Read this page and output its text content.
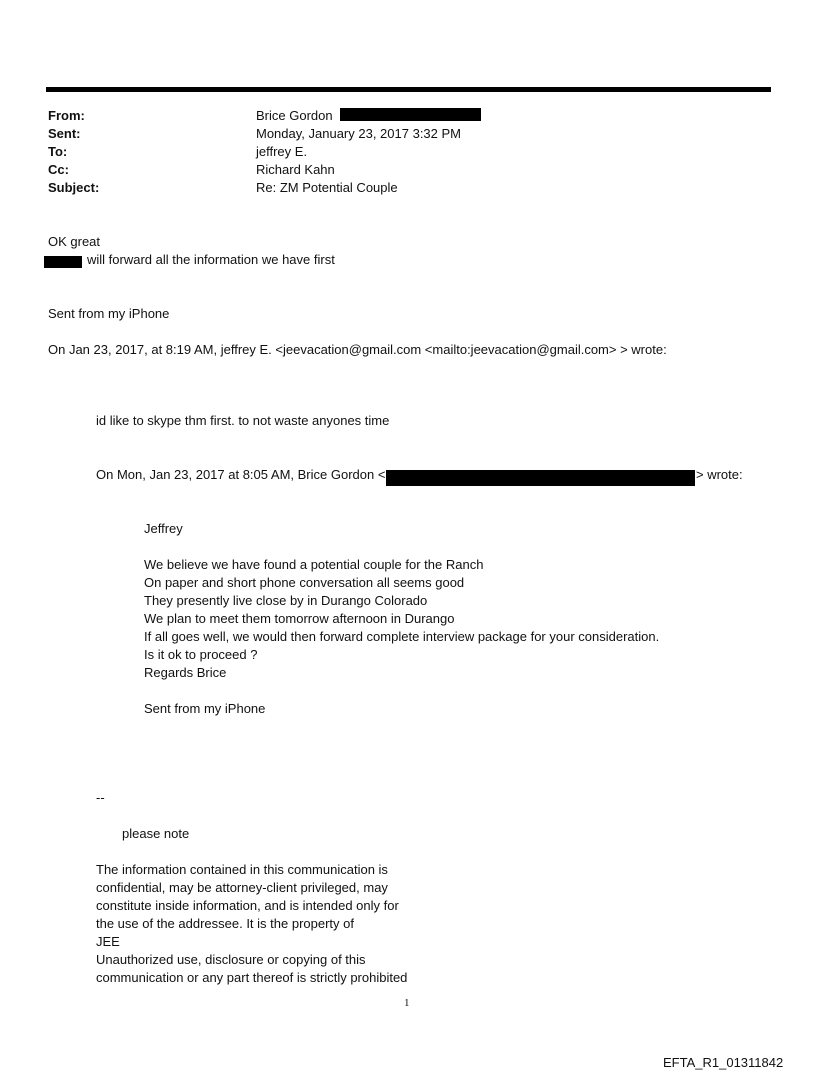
From:	Brice Gordon
Sent:	Monday, January 23, 2017 3:32 PM
To:	jeffrey E.
Cc:	Richard Kahn
Subject:	Re: ZM Potential Couple
OK great
will forward all the information we have first
Sent from my iPhone
On Jan 23, 2017, at 8:19 AM, jeffrey E. <jeevacation@gmail.com <mailto:jeevacation@gmail.com> > wrote:
id like to skype thm first. to not waste anyones time
On Mon, Jan 23, 2017 at 8:05 AM, Brice Gordon <	> wrote:
Jeffrey
We believe we have found a potential couple for the Ranch
On paper and short phone conversation all seems good
They presently live close by in Durango Colorado
We plan to meet them tomorrow afternoon in Durango
If all goes well, we would then forward complete interview package for your consideration.
Is it ok to proceed ?
Regards Brice
Sent from my iPhone
--
please note
The information contained in this communication is
confidential, may be attorney-client privileged, may
constitute inside information, and is intended only for
the use of the addressee. It is the property of
JEE
Unauthorized use, disclosure or copying of this
communication or any part thereof is strictly prohibited
1
EFTA_R1_01311842
